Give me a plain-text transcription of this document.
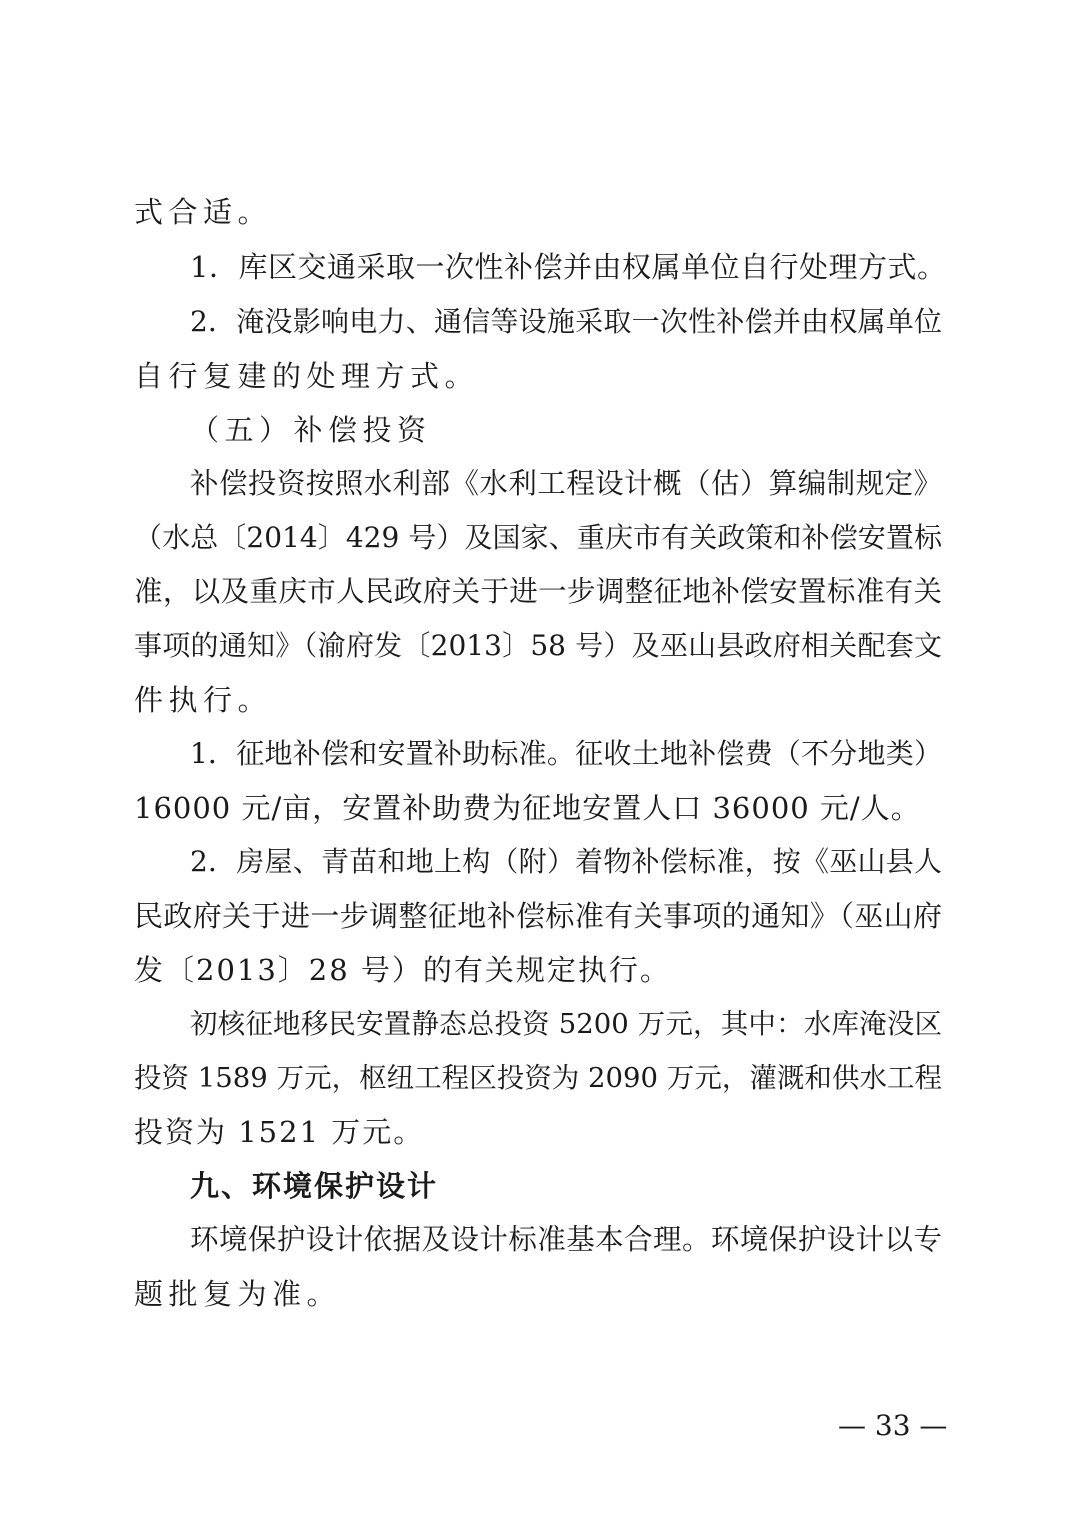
式合适。
1．库区交通采取一次性补偿并由权属单位自行处理方式。
2．淹没影响电力、通信等设施采取一次性补偿并由权属单位
自行复建的处理方式。
（五）补偿投资
补偿投资按照水利部《水利工程设计概（估）算编制规定》
（水总〔2014〕429 号）及国家、重庆市有关政策和补偿安置标
准，以及重庆市人民政府关于进一步调整征地补偿安置标准有关
事项的通知》（渝府发〔2013〕58 号）及巫山县政府相关配套文
件执行。
1．征地补偿和安置补助标准。征收土地补偿费（不分地类）
16000 元/亩，安置补助费为征地安置人口 36000 元/人。
2．房屋、青苗和地上构（附）着物补偿标准，按《巫山县人
民政府关于进一步调整征地补偿标准有关事项的通知》（巫山府
发〔2013〕28 号）的有关规定执行。
初核征地移民安置静态总投资 5200 万元，其中：水库淹没区
投资 1589 万元，枢纽工程区投资为 2090 万元，灌溉和供水工程
投资为 1521 万元。
九、环境保护设计
环境保护设计依据及设计标准基本合理。环境保护设计以专
题批复为准。
— 33 —
